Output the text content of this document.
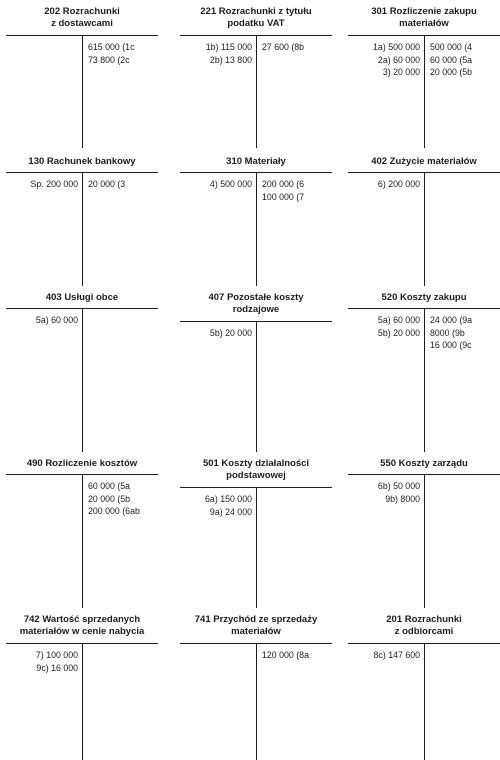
202 Rozrachunki
z dostawcami
615 000 (1c
73 800 (2c
221 Rozrachunki z tytułu
podatku VAT
1b) 115 000
2b) 13 800
27 600 (8b
301 Rozliczenie zakupu
materiałów
1a) 500 000
2a) 60 000
3) 20 000
500 000 (4
60 000 (5a
20 000 (5b
130 Rachunek bankowy
Sp. 200 000 20 000 (3
310 Materiały
4) 500 000 200 000 (6
100 000 (7
402 Zużycie materiałów
6) 200 000
403 Usługi obce
5a) 60 000
407 Pozostałe koszty
rodzajowe
5b) 20 000
520 Koszty zakupu
5a) 60 000
5b) 20 000
24 000 (9a
8000 (9b
16 000 (9c
490 Rozliczenie kosztów
60 000 (5a
20 000 (5b
200 000 (6ab
501 Koszty działalności
podstawowej
6a) 150 000
9a) 24 000
550 Koszty zarządu
6b) 50 000
9b) 8000
742 Wartość sprzedanych
materiałów w cenie nabycia
7) 100 000
9c) 16 000
741 Przychód ze sprzedaży
materiałów
120 000 (8a
201 Rozrachunki
z odbiorcami
8c) 147 600
